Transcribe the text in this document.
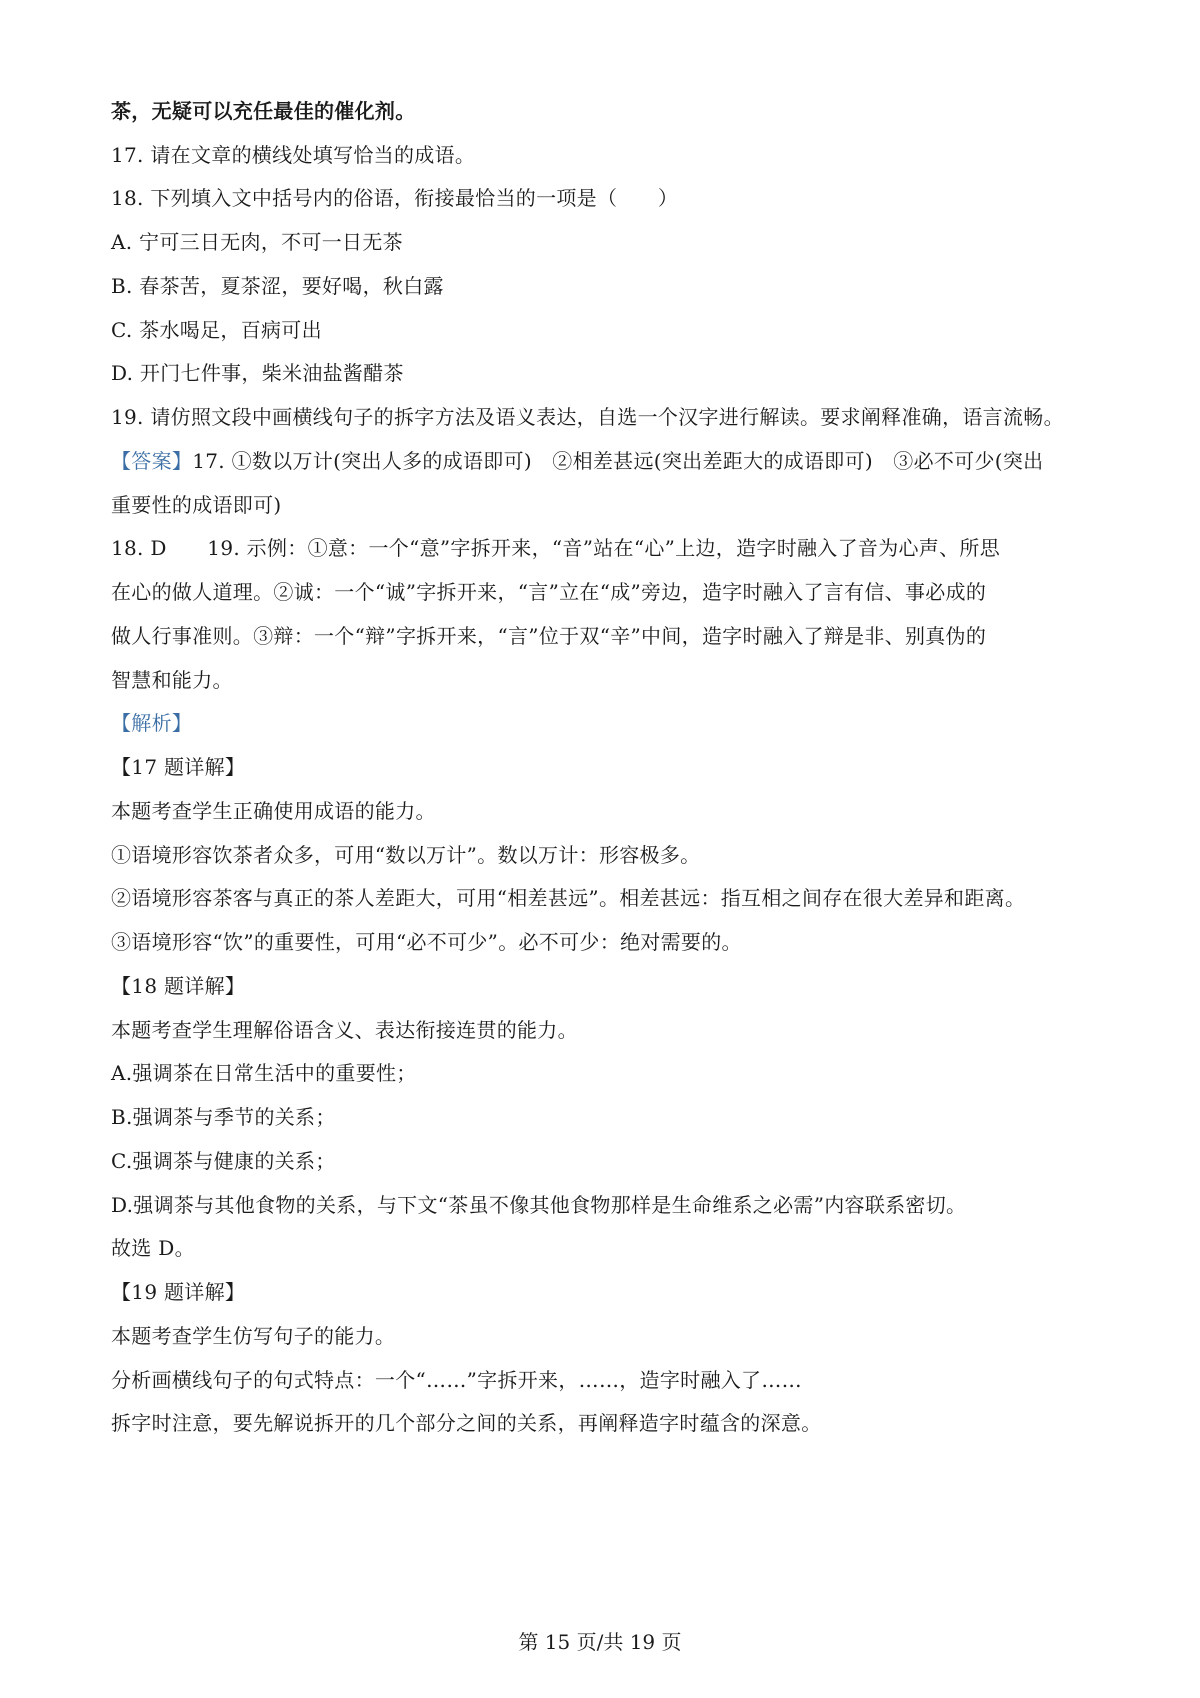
茶，无疑可以充任最佳的催化剂。
17. 请在文章的横线处填写恰当的成语。
18. 下列填入文中括号内的俗语，衔接最恰当的一项是（　　）
A. 宁可三日无肉，不可一日无茶
B. 春茶苦，夏茶涩，要好喝，秋白露
C. 茶水喝足，百病可出
D. 开门七件事，柴米油盐酱醋茶
19. 请仿照文段中画横线句子的拆字方法及语义表达，自选一个汉字进行解读。要求阐释准确，语言流畅。
【答案】17. ①数以万计(突出人多的成语即可)　②相差甚远(突出差距大的成语即可)　③必不可少(突出
重要性的成语即可)
18. D　　19. 示例：①意：一个“意”字拆开来，“音”站在“心”上边，造字时融入了音为心声、所思
在心的做人道理。②诚：一个“诚”字拆开来，“言”立在“成”旁边，造字时融入了言有信、事必成的
做人行事准则。③辩：一个“辩”字拆开来，“言”位于双“辛”中间，造字时融入了辩是非、别真伪的
智慧和能力。
【解析】
【17 题详解】
本题考查学生正确使用成语的能力。
①语境形容饮茶者众多，可用“数以万计”。数以万计：形容极多。
②语境形容茶客与真正的茶人差距大，可用“相差甚远”。相差甚远：指互相之间存在很大差异和距离。
③语境形容“饮”的重要性，可用“必不可少”。必不可少：绝对需要的。
【18 题详解】
本题考查学生理解俗语含义、表达衔接连贯的能力。
A.强调茶在日常生活中的重要性；
B.强调茶与季节的关系；
C.强调茶与健康的关系；
D.强调茶与其他食物的关系，与下文“茶虽不像其他食物那样是生命维系之必需”内容联系密切。
故选 D。
【19 题详解】
本题考查学生仿写句子的能力。
分析画横线句子的句式特点：一个“……”字拆开来，……，造字时融入了……
拆字时注意，要先解说拆开的几个部分之间的关系，再阐释造字时蕴含的深意。
第 15 页/共 19 页
